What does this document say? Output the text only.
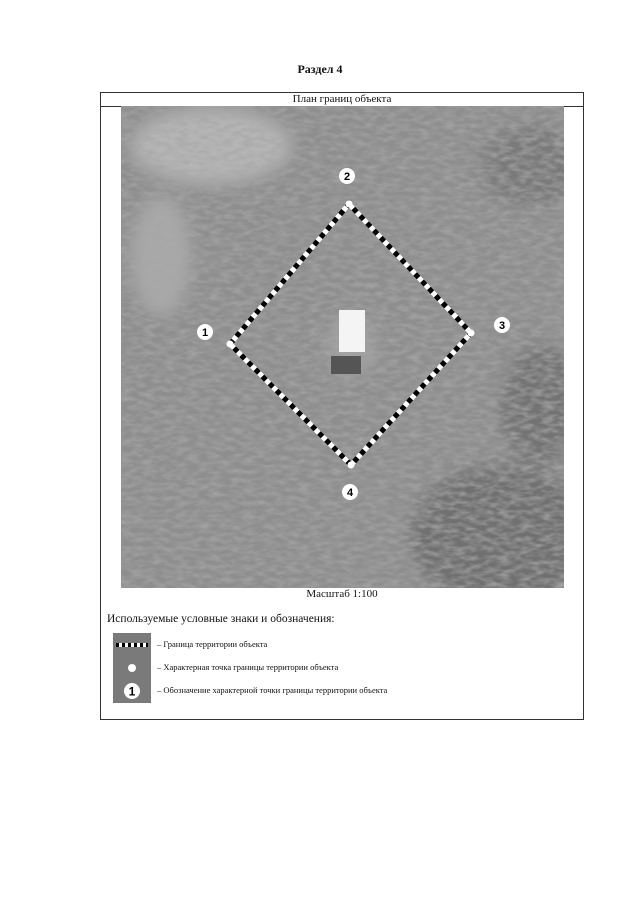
Раздел 4
План границ объекта
1
2
3
4
Масштаб 1:100
Используемые условные знаки и обозначения:
– Граница территории объекта
– Характерная точка границы территории объекта
1	– Обозначение характерной точки границы территории объекта
